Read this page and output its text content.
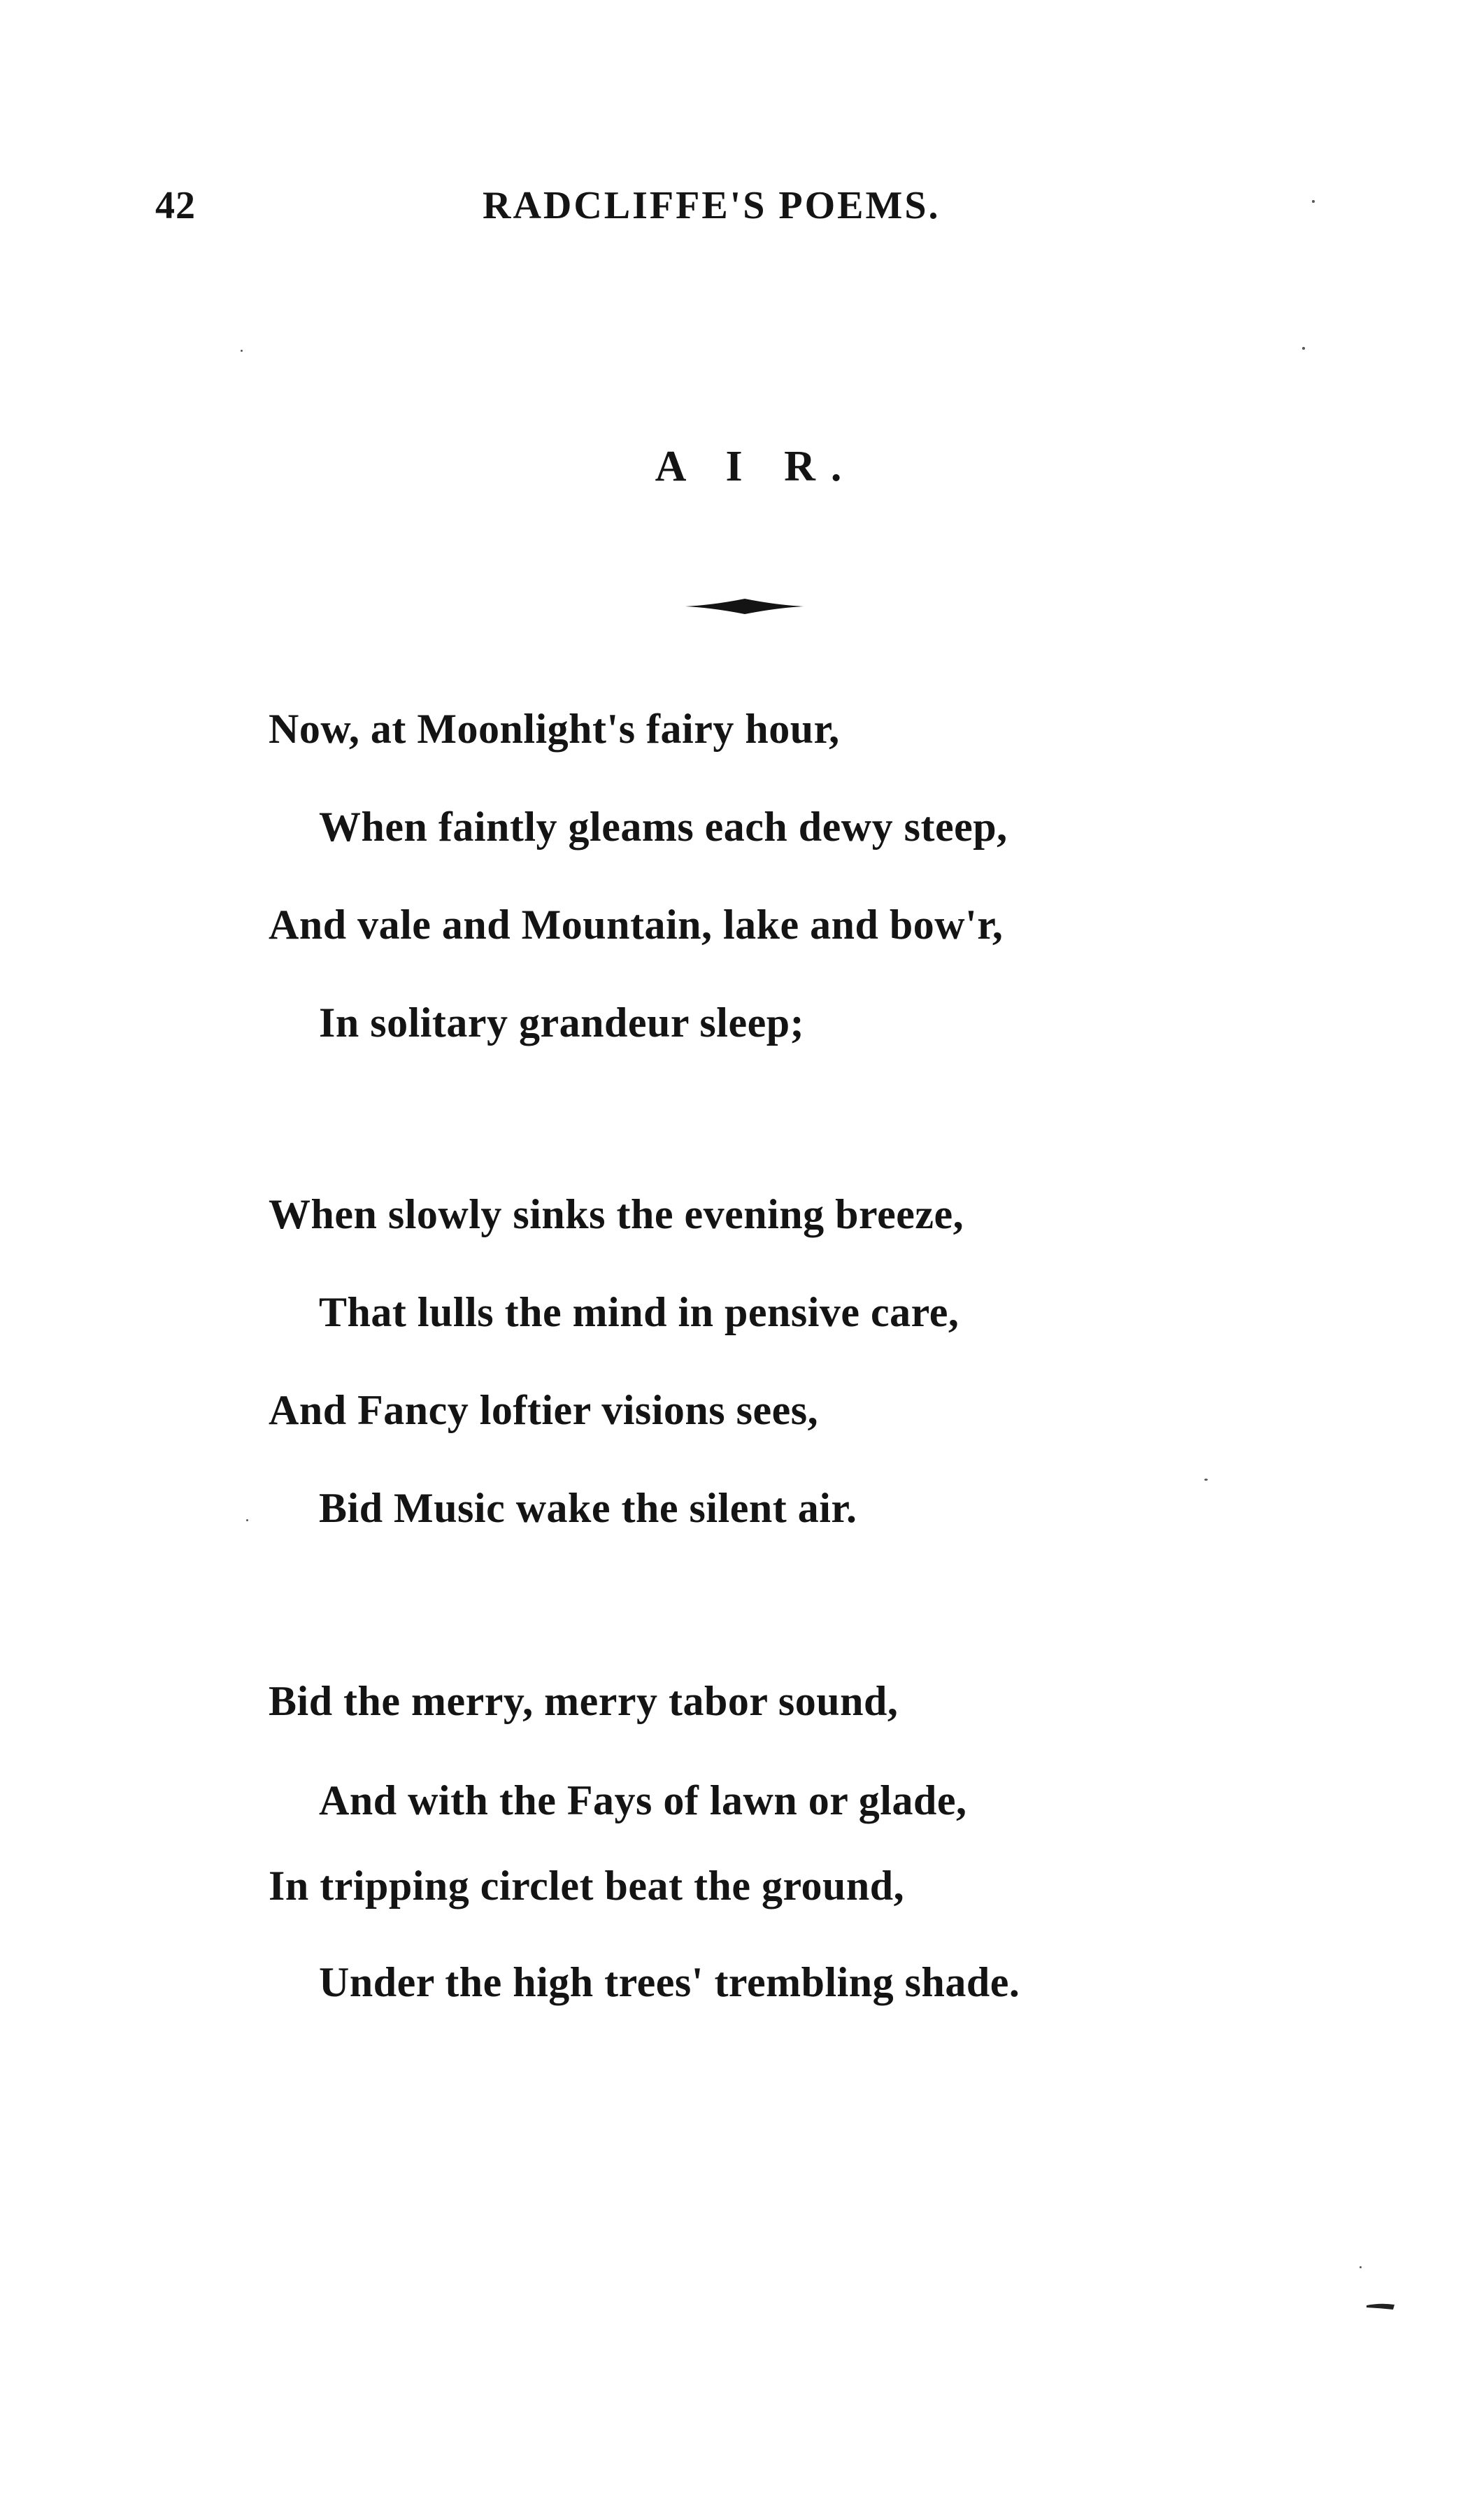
42	RADCLIFFE'S POEMS.
A I R.
Now, at Moonlight's fairy hour,
When faintly gleams each dewy steep,
And vale and Mountain, lake and bow'r,
In solitary grandeur sleep;
When slowly sinks the evening breeze,
That lulls the mind in pensive care,
And Fancy loftier visions sees,
Bid Music wake the silent air.
Bid the merry, merry tabor sound,
And with the Fays of lawn or glade,
In tripping circlet beat the ground,
Under the high trees' trembling shade.
